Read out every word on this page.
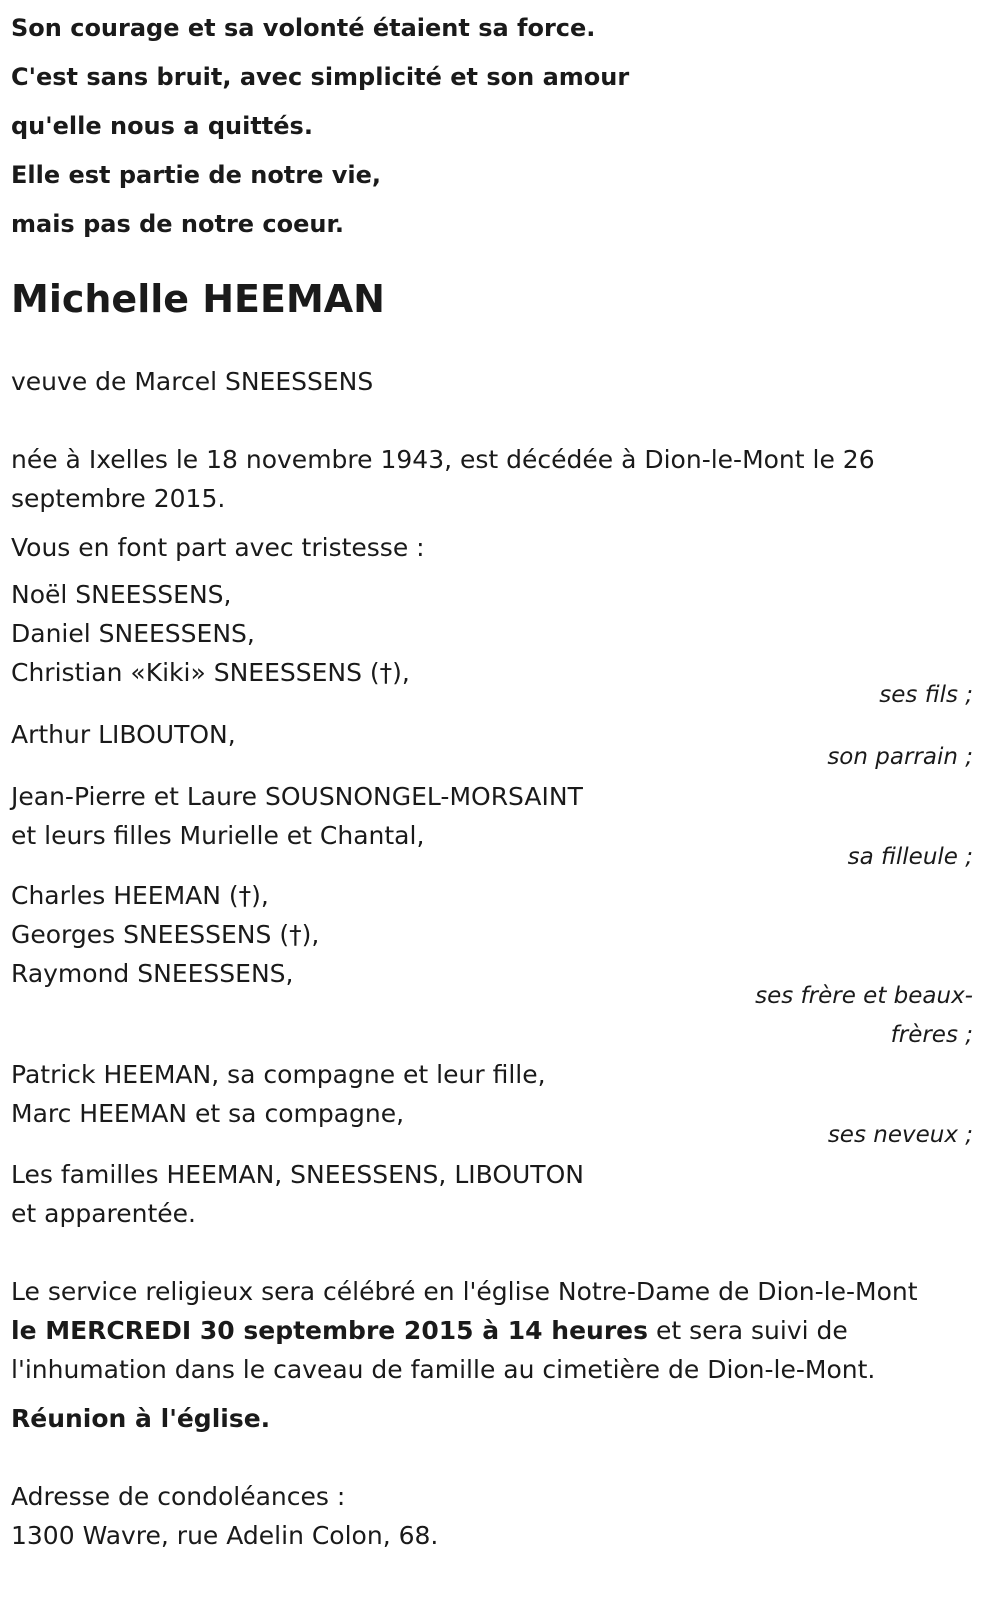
Son courage et sa volonté étaient sa force.
C'est sans bruit, avec simplicité et son amour
qu'elle nous a quittés.
Elle est partie de notre vie,
mais pas de notre coeur.
Michelle HEEMAN
veuve de Marcel SNEESSENS
née à Ixelles le 18 novembre 1943, est décédée à Dion-le-Mont le 26
septembre 2015.
Vous en font part avec tristesse :
Noël SNEESSENS,
Daniel SNEESSENS,
Christian «Kiki» SNEESSENS (†),
ses fils ;
Arthur LIBOUTON,
son parrain ;
Jean-Pierre et Laure SOUSNONGEL-MORSAINT
et leurs filles Murielle et Chantal,
sa filleule ;
Charles HEEMAN (†),
Georges SNEESSENS (†),
Raymond SNEESSENS,
ses frère et beaux-
frères ;
Patrick HEEMAN, sa compagne et leur fille,
Marc HEEMAN et sa compagne,
ses neveux ;
Les familles HEEMAN, SNEESSENS, LIBOUTON
et apparentée.
Le service religieux sera célébré en l'église Notre-Dame de Dion-le-Mont
le MERCREDI 30 septembre 2015 à 14 heures et sera suivi de
l'inhumation dans le caveau de famille au cimetière de Dion-le-Mont.
Réunion à l'église.
Adresse de condoléances :
1300 Wavre, rue Adelin Colon, 68.
